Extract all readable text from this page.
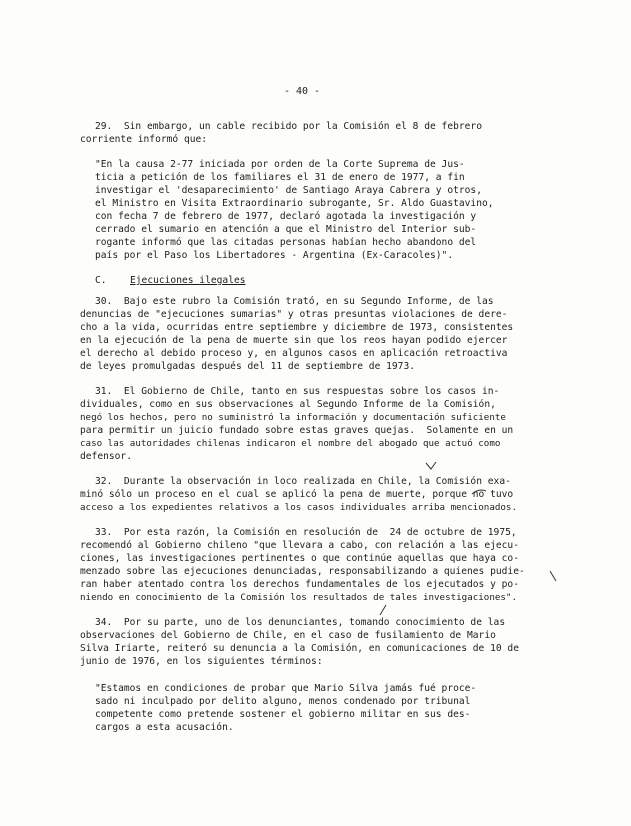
- 40 -
29.  Sin embargo, un cable recibido por la Comisión el 8 de febrero
corriente informó que:
"En la causa 2-77 iniciada por orden de la Corte Suprema de Jus-
ticia a petición de los familiares el 31 de enero de 1977, a fin
investigar el 'desaparecimiento' de Santiago Araya Cabrera y otros,
el Ministro en Visita Extraordinario subrogante, Sr. Aldo Guastavino,
con fecha 7 de febrero de 1977, declaró agotada la investigación y
cerrado el sumario en atención a que el Ministro del Interior sub-
rogante informó que las citadas personas habían hecho abandono del
país por el Paso los Libertadores - Argentina (Ex-Caracoles)".
C. Ejecuciones ilegales
30.  Bajo este rubro la Comisión trató, en su Segundo Informe, de las
denuncias de "ejecuciones sumarias" y otras presuntas violaciones de dere-
cho a la vida, ocurridas entre septiembre y diciembre de 1973, consistentes
en la ejecución de la pena de muerte sin que los reos hayan podido ejercer
el derecho al debido proceso y, en algunos casos en aplicación retroactiva
de leyes promulgadas después del 11 de septiembre de 1973.
31.  El Gobierno de Chile, tanto en sus respuestas sobre los casos in-
dividuales, como en sus observaciones al Segundo Informe de la Comisión,
negó los hechos, pero no suministró la información y documentación suficiente
para permitir un juicio fundado sobre estas graves quejas.  Solamente en un
caso las autoridades chilenas indicaron el nombre del abogado que actuó como
defensor.
32.  Durante la observación in loco realizada en Chile, la Comisión exa-
minó sólo un proceso en el cual se aplicó la pena de muerte, porque no tuvo
acceso a los expedientes relativos a los casos individuales arriba mencionados.
33.  Por esta razón, la Comisión en resolución de  24 de octubre de 1975,
recomendó al Gobierno chileno "que llevara a cabo, con relación a las ejecu-
ciones, las investigaciones pertinentes o que continúe aquellas que haya co-
menzado sobre las ejecuciones denunciadas, responsabilizando a quienes pudie-
ran haber atentado contra los derechos fundamentales de los ejecutados y po-
niendo en conocimiento de la Comisión los resultados de tales investigaciones".
34.  Por su parte, uno de los denunciantes, tomando conocimiento de las
observaciones del Gobierno de Chile, en el caso de fusilamiento de Mario
Silva Iriarte, reiteró su denuncia a la Comisión, en comunicaciones de 10 de
junio de 1976, en los siguientes términos:
"Estamos en condiciones de probar que Mario Silva jamás fué proce-
sado ni inculpado por delito alguno, menos condenado por tribunal
competente como pretende sostener el gobierno militar en sus des-
cargos a esta acusación.
